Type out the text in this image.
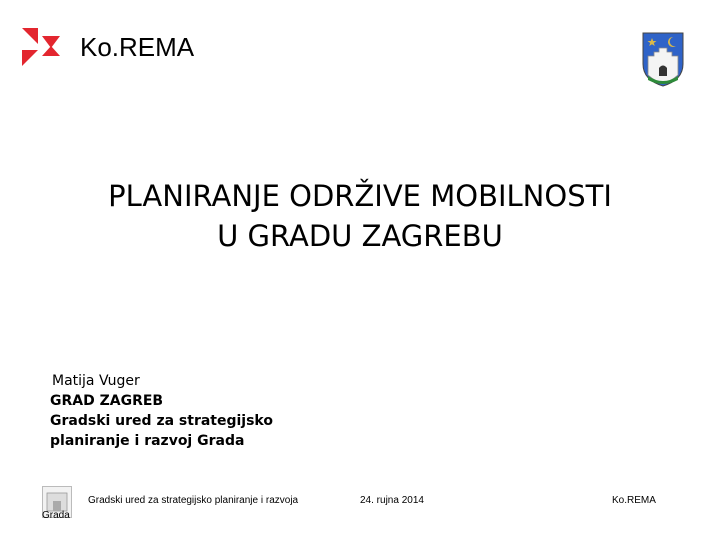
Ko.REMA
PLANIRANJE ODRŽIVE MOBILNOSTI
U GRADU ZAGREBU
Matija Vuger
GRAD ZAGREB
Gradski ured za strategijsko
planiranje i razvoj Grada
Grada
Gradski ured za strategijsko planiranje i razvoja	24. rujna 2014	Ko.REMA
